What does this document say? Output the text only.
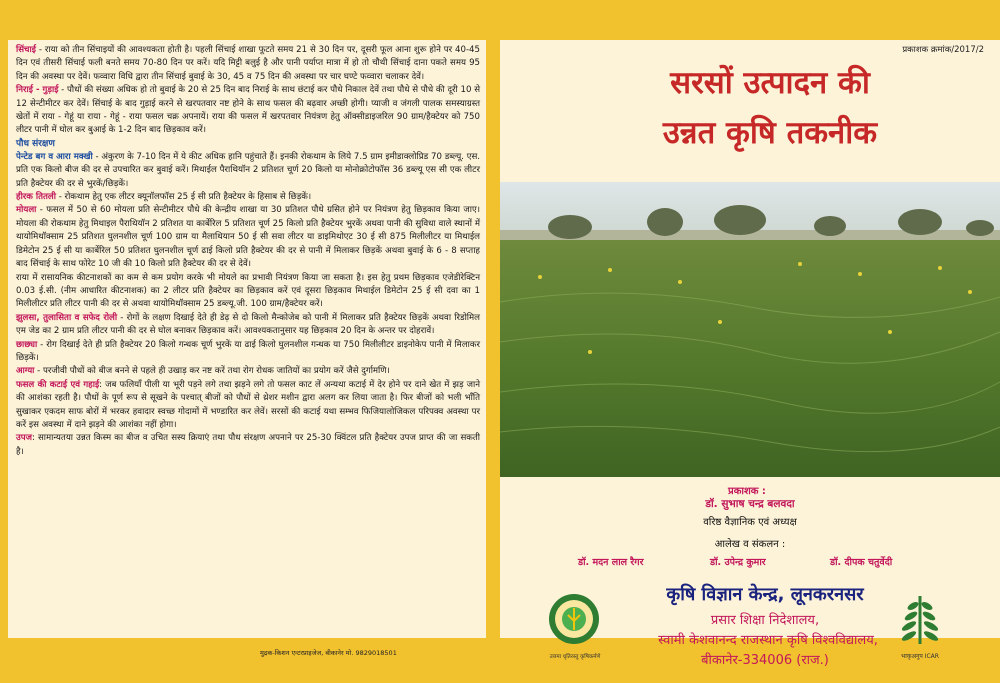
सिंचाई - राया को तीन सिंचाइयों की आवश्यकता होती है। पहली सिंचाई शाखा फूटते समय 21 से 30 दिन पर, दूसरी फूल आना शुरू होने पर 40-45 दिन एवं तीसरी सिंचाई फली बनते समय 70-80 दिन पर करें। यदि मिट्टी बलुई है और पानी पर्याप्त मात्रा में हो तो चौथी सिंचाई दाना पकते समय 95 दिन की अवस्था पर देवें। फव्वारा विधि द्वारा तीन सिंचाई बुवाई के 30, 45 व 75 दिन की अवस्था पर चार घण्टे फव्वारा चलाकर देवें।

निराई - गुड़ाई - पौधों की संख्या अधिक हो तो बुवाई के 20 से 25 दिन बाद निराई के साथ छंटाई कर पौधे निकाल देवें तथा पौधे से पौधे की दूरी 10 से 12 सेन्टीमीटर कर देवें। सिंचाई के बाद गुड़ाई करने से खरपतवार नष्ट होने के साथ फसल की बढ़वार अच्छी होगी। प्याजी व जंगली पालक समस्याग्रस्त खेतों में राया - गेहूं या राया - गेहूं - राया फसल चक्र अपनायें। राया की फसल में खरपतवार नियंत्रण हेतु ऑक्सीडाइजरिल 90 ग्राम/हैक्टेयर को 750 लीटर पानी में घोल कर बुआई के 1-2 दिन बाद छिड़काव करें।

पौध संरक्षण

पेन्टेड बग व आरा मक्खी - अंकुरण के 7-10 दिन में ये कीट अधिक हानि पहुंचाते हैं। इनकी रोकथाम के लिये 7.5 ग्राम इमीडाक्लोप्रिड 70 डब्ल्यू. एस. प्रति एक किलो बीज की दर से उपचारित कर बुवाई करें। मिथाईल पैराथियॉन 2 प्रतिशत चूर्ण 20 किलो या मोनोक्रोटोफॉस 36 डब्ल्यू एस सी एक लीटर प्रति हैक्टेयर की दर से भुरकें/छिड़कें।

हीरक तितली - रोकथाम हेतु एक लीटर क्यूनॉलफॉस 25 ई सी प्रति हैक्टेयर के हिसाब से छिड़कें।

मोयला - फसल में 50 से 60 मोयला प्रति सेन्टीमीटर पौधे की केन्द्रीय शाखा या 30 प्रतिशत पौधे ग्रसित होने पर नियंत्रण हेतु छिड़काव किया जाए। मोयला की रोकथाम हेतु मिथाइल पैराथियॉन 2 प्रतिशत या कार्बेरिल 5 प्रतिशत चूर्ण 25 किलो प्रति हैक्टेयर भुरकें अथवा पानी की सुविधा वाले स्थानों में थायोमिथॉक्साम 25 प्रतिशत घुलनशील चूर्ण 100 ग्राम या मैलाथियान 50 ई सी सवा लीटर या डाइमिथोएट 30 ई सी 875 मिलीलीटर या मिथाईल डिमेटोन 25 ई सी या कार्बेरिल 50 प्रतिशत घुलनशील चूर्ण ढाई किलो प्रति हैक्टेयर की दर से पानी में मिलाकर छिड़कें अथवा बुवाई के 6 - 8 सप्ताह बाद सिंचाई के साथ फोरेट 10 जी की 10 किलो प्रति हैक्टेयर की दर से देवें।

राया में रासायनिक कीटनाशकों का कम से कम प्रयोग करके भी मोयले का प्रभावी नियंत्रण किया जा सकता है। इस हेतु प्रथम छिड़काव एजेडीरेक्टिन 0.03 ई.सी. (नीम आधारित कीटनाशक) का 2 लीटर प्रति हैक्टेयर का छिड़काव करें एवं दूसरा छिड़काव मिथाईल डिमेटोन 25 ई सी दवा का 1 मिलीलीटर प्रति लीटर पानी की दर से अथवा थायोमिथॉक्साम 25 डब्ल्यू.जी. 100 ग्राम/हैक्टेयर करें।

झुलसा, तुलासिता व सफेद रोली - रोगों के लक्षण दिखाई देते ही डेढ़ से दो किलो मैन्कोजेब को पानी में मिलाकर प्रति हैक्टेयर छिड़कें अथवा रिडोमिल एम जेड का 2 ग्राम प्रति लीटर पानी की दर से घोल बनाकर छिड़काव करें। आवश्यकतानुसार यह छिड़काव 20 दिन के अन्तर पर दोहरावें।

छाछ्या - रोग दिखाई देते ही प्रति हैक्टेयर 20 किलो गन्धक चूर्ण भुरकें या ढाई किलो घुलनशील गन्धक या 750 मिलीलीटर डाइनोकेप पानी में मिलाकर छिड़कें।

आग्या - परजीवी पौधों को बीज बनने से पहले ही उखाड़ कर नष्ट करें तथा रोग रोधक जातियों का प्रयोग करें जैसे दुर्गामणि।

फसल की कटाई एवं गहाई: जब फलियाँ पीली या भूरी पड़ने लगे तथा झड़ने लगे तो फसल काट लें अन्यथा कटाई में देर होने पर दाने खेत में झड़ जाने की आशंका रहती है। पौधों के पूर्ण रूप से सूखने के पश्चात् बीजों को पौधों से थ्रेशर मशीन द्वारा अलग कर लिया जाता है। फिर बीजों को भली भाँति सुखाकर एकदम साफ बोरों में भरकर हवादार स्वच्छ गोदामों में भण्डारित कर लेवें। सरसों की कटाई यथा सम्भव फिजियालोजिकल परिपक्व अवस्था पर करें इस अवस्था में दाने झड़ने की आशंका नहीं होगा।

उपज: सामान्यतया उन्नत किस्म का बीज व उचित सस्य क्रियाएं तथा पौध संरक्षण अपनाने पर 25-30 क्विंटल प्रति हैक्टेयर उपज प्राप्त की जा सकती है।

मुद्रक-किशन एन्टरप्राइजेज, बीकानेर मो. 9829018501
प्रकाशक क्रमांक/2017/2
सरसों उत्पादन की
उन्नत कृषि तकनीक
प्रकाशक :
डॉ. सुभाष चन्द्र बलवदा
वरिष्ठ वैज्ञानिक एवं अध्यक्ष
आलेख व संकलन :
डॉ. मदन लाल रैगर	डॉ. उपेन्द्र कुमार	डॉ. दीपक चतुर्वेदी
उत्तमा धृतिरस्तु कृषिकर्मणे
कृषि विज्ञान केन्द्र, लूनकरनसर
प्रसार शिक्षा निदेशालय,
स्वामी केशवानन्द राजस्थान कृषि विश्वविद्यालय,
बीकानेर-334006 (राज.)	भाकृअनुप ICAR
